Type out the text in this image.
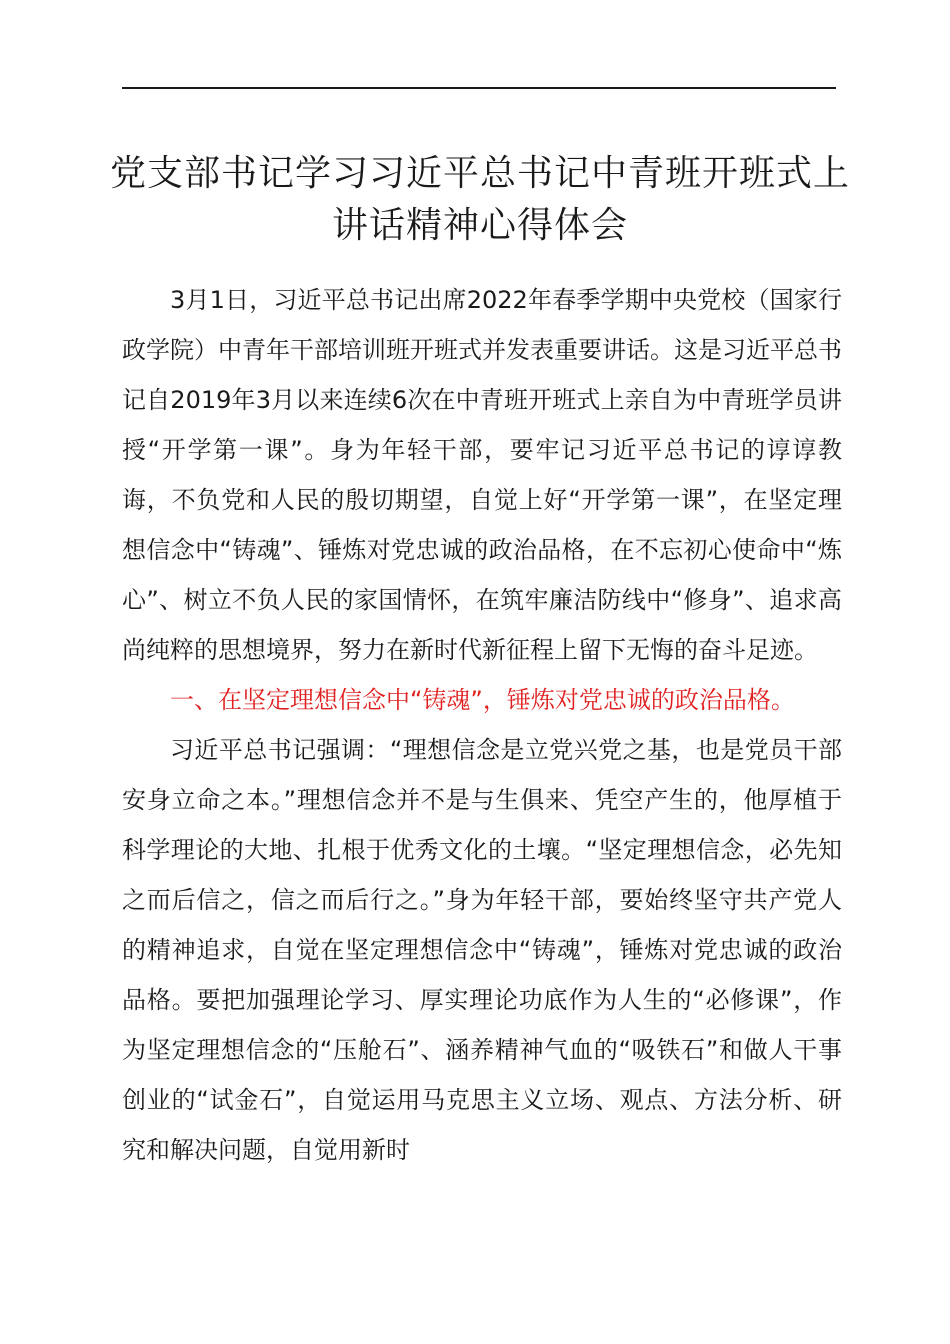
党支部书记学习习近平总书记中青班开班式上
讲话精神心得体会

3月1日，习近平总书记出席2022年春季学期中央党校（国家行政学院）中青年干部培训班开班式并发表重要讲话。这是习近平总书记自2019年3月以来连续6次在中青班开班式上亲自为中青班学员讲授“开学第一课”。身为年轻干部，要牢记习近平总书记的谆谆教诲，不负党和人民的殷切期望，自觉上好“开学第一课”，在坚定理想信念中“铸魂”、锤炼对党忠诚的政治品格，在不忘初心使命中“炼心”、树立不负人民的家国情怀，在筑牢廉洁防线中“修身”、追求高尚纯粹的思想境界，努力在新时代新征程上留下无悔的奋斗足迹。

一、在坚定理想信念中“铸魂”，锤炼对党忠诚的政治品格。

习近平总书记强调：“理想信念是立党兴党之基，也是党员干部安身立命之本。”理想信念并不是与生俱来、凭空产生的，他厚植于科学理论的大地、扎根于优秀文化的土壤。“坚定理想信念，必先知之而后信之，信之而后行之。”身为年轻干部，要始终坚守共产党人的精神追求，自觉在坚定理想信念中“铸魂”，锤炼对党忠诚的政治品格。要把加强理论学习、厚实理论功底作为人生的“必修课”，作为坚定理想信念的“压舱石”、涵养精神气血的“吸铁石”和做人干事创业的“试金石”，自觉运用马克思主义立场、观点、方法分析、研究和解决问题，自觉用新时
